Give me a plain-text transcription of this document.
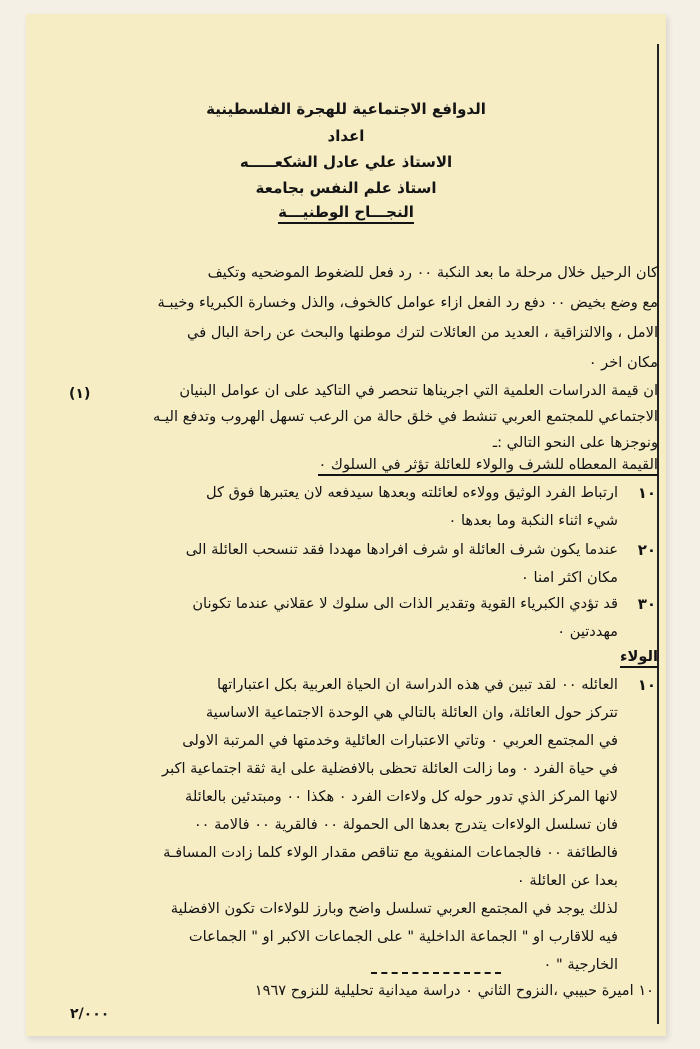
الدوافع الاجتماعية للهجرة الفلسطينية
اعداد
الاستاذ علي عادل الشكعـــــه
استاذ علم النفس بجامعة
النجـــاح الوطنيـــة
كان الرحيل خلال مرحلة ما بعد النكبة ٠٠ رد فعل للضغوط الموضحيه وتكيف
مع وضع بخيض ٠٠ دفع رد الفعل ازاء عوامل كالخوف، والذل وخسارة الكبرياء وخيبـة
الامل ، والالتزاقية ، العديد من العائلات لترك موطنها والبحث عن راحة البال في
مكان اخر ٠
ان قيمة الدراسات العلمية التي اجريناها تنحصر في التاكيد على ان عوامل البنيان
الاجتماعي للمجتمع العربي تنشط في خلق حالة من الرعب تسهل الهروب وتدفع اليـه
(١)
ونوجزها على النحو التالي :ـ
القيمة المعطاه للشرف والولاء للعائلة تؤثر في السلوك ٠
١٠
ارتباط الفرد الوثيق وولاءه لعائلته وبعدها سيدفعه لان يعتبرها فوق كل
شيء اثناء النكبة وما بعدها ٠
٢٠
عندما يكون شرف العائلة او شرف افرادها مهددا فقد تنسحب العائلة الى
مكان اكثر امنا ٠
٣٠
قد تؤدي الكبرياء القوية وتقدير الذات الى سلوك لا عقلاني عندما تكونان
مهددتين ٠
الولاء
١٠
العائله ٠٠ لقد تبين في هذه الدراسة ان الحياة العربية بكل اعتباراتها
تتركز حول العائلة، وان العائلة بالتالي هي الوحدة الاجتماعية الاساسية
في المجتمع العربي ٠ وتاتي الاعتبارات العائلية وخدمتها في المرتبة الاولى
في حياة الفرد ٠ وما زالت العائلة تحظى بالافضلية على اية ثقة اجتماعية اكبر
لانها المركز الذي تدور حوله كل ولاءات الفرد ٠ هكذا ٠٠ ومبتدئين بالعائلة
فان تسلسل الولاءات يتدرج بعدها الى الحمولة ٠٠ فالقرية ٠٠ فالامة ٠٠
فالطائفة ٠٠ فالجماعات المنفوية مع تناقص مقدار الولاء كلما زادت المسافـة
بعدا عن العائلة ٠
لذلك يوجد في المجتمع العربي تسلسل واضح وبارز للولاءات تكون الافضلية
فيه للاقارب او " الجماعة الداخلية " على الجماعات الاكبر او " الجماعات
الخارجية " ٠
١٠ اميرة حبيبي ،النزوح الثاني ٠ دراسة ميدانية تحليلية للنزوح ١٩٦٧
٢/٠٠٠
